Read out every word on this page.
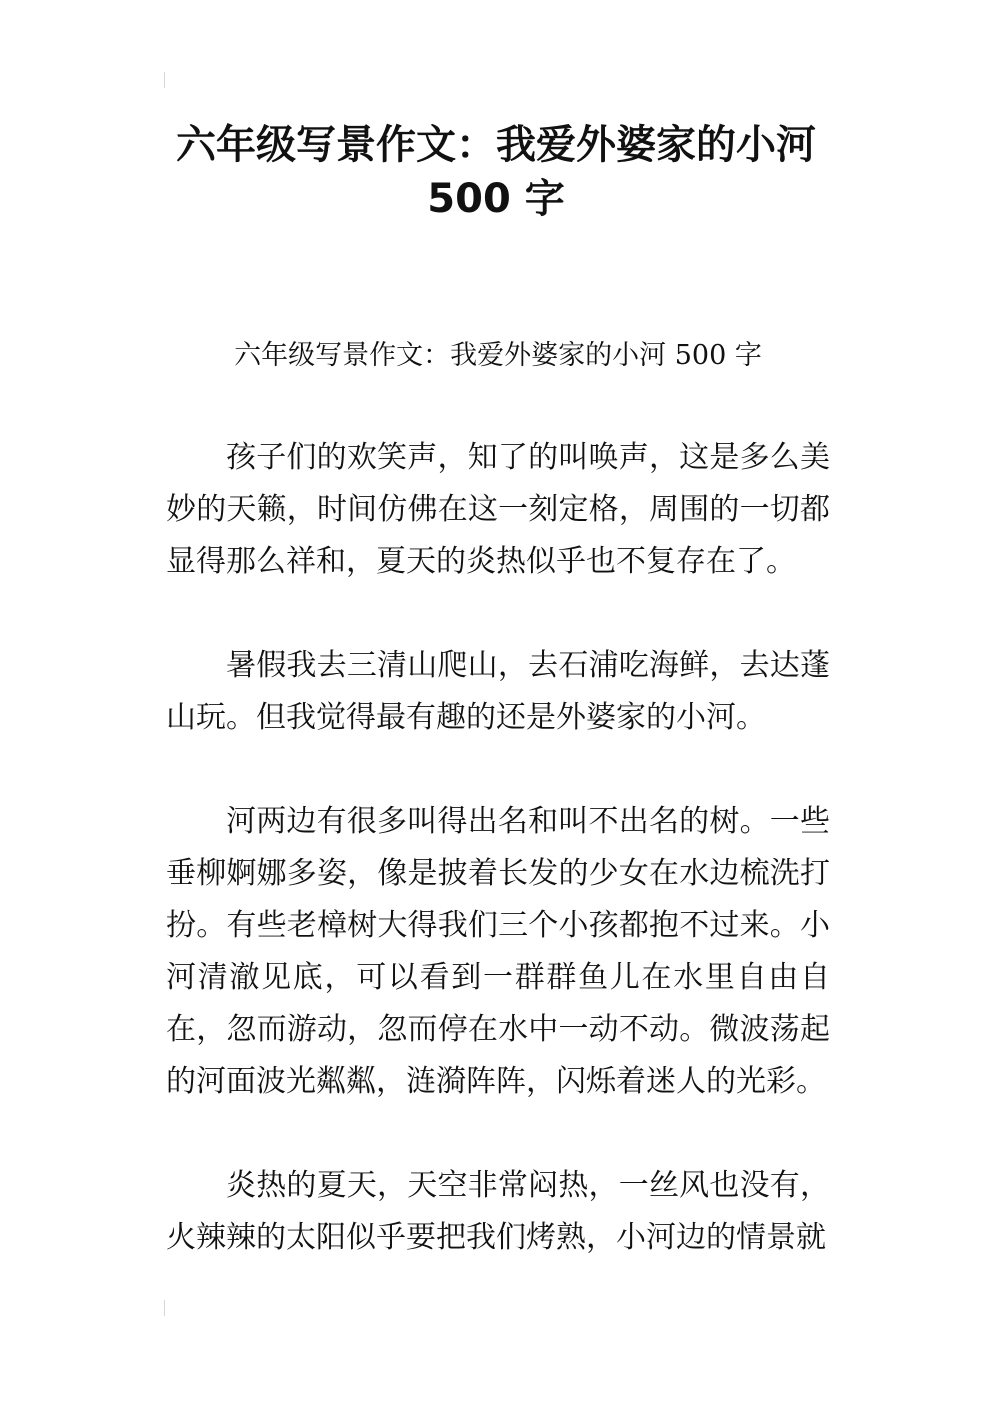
六年级写景作文：我爱外婆家的小河
500 字

六年级写景作文：我爱外婆家的小河 500 字

孩子们的欢笑声，知了的叫唤声，这是多么美妙的天籁，时间仿佛在这一刻定格，周围的一切都显得那么祥和，夏天的炎热似乎也不复存在了。

暑假我去三清山爬山，去石浦吃海鲜，去达蓬山玩。但我觉得最有趣的还是外婆家的小河。

河两边有很多叫得出名和叫不出名的树。一些垂柳婀娜多姿，像是披着长发的少女在水边梳洗打扮。有些老樟树大得我们三个小孩都抱不过来。小河清澈见底，可以看到一群群鱼儿在水里自由自在，忽而游动，忽而停在水中一动不动。微波荡起的河面波光粼粼，涟漪阵阵，闪烁着迷人的光彩。

炎热的夏天，天空非常闷热，一丝风也没有，火辣辣的太阳似乎要把我们烤熟，小河边的情景就
